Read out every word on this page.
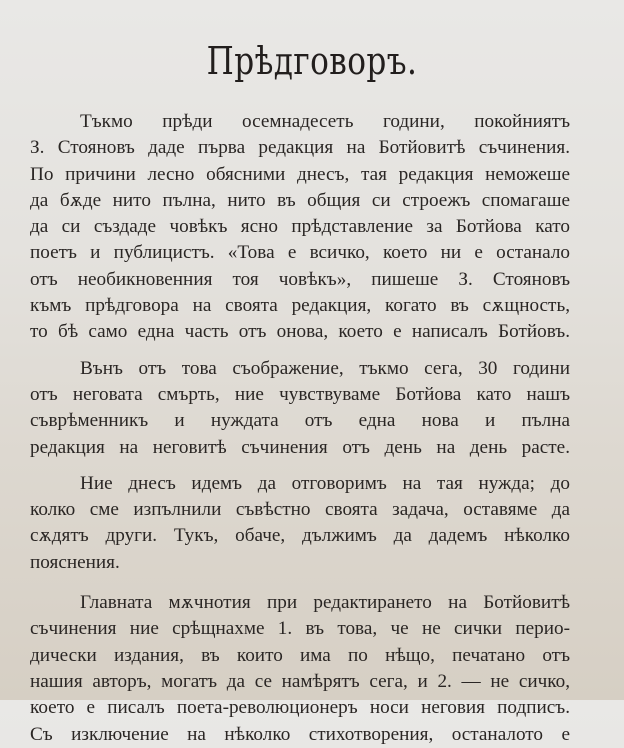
Прѣдговоръ.

Тъкмо прѣди осемнадесеть години, покойниятъ
З. Стояновъ даде първа редакция на Ботйовитѣ съчинения.
По причини лесно обясними днесъ, тая редакция неможеше
да бѫде нито пълна, нито въ общия си строежъ спомагаше
да си създаде човѣкъ ясно прѣдставление за Ботйова като
поетъ и публицистъ. «Това е всичко, което ни е останало
отъ необикновенния тоя човѣкъ», пишеше З. Стояновъ
къмъ прѣдговора на своята редакция, когато въ сѫщность,
то бѣ само една часть отъ онова, което е написалъ Ботйовъ.

Вънъ отъ това съображение, тъкмо сега, 30 години
отъ неговата смърть, ние чувствуваме Ботйова като нашъ
съврѣменникъ и нуждата отъ една нова и пълна
редакция на неговитѣ съчинения отъ день на день расте.

Ние днесъ идемъ да отговоримъ на тая нужда; до
колко сме изпълнили съвѣстно своята задача, оставяме да
сѫдятъ други. Тукъ, обаче, дължимъ да дадемъ нѣколко
пояснения.

Главната мѫчнотия при редактирането на Ботйовитѣ
съчинения ние срѣщнахме 1. въ това, че не сички перио-
дически издания, въ които има по нѣщо, печатано отъ
нашия авторъ, могатъ да се намѣрятъ сега, и 2. — не сичко,
което е писалъ поета-революционеръ носи неговия подписъ.
Съ изключение на нѣколко стихотворения, останалото е
